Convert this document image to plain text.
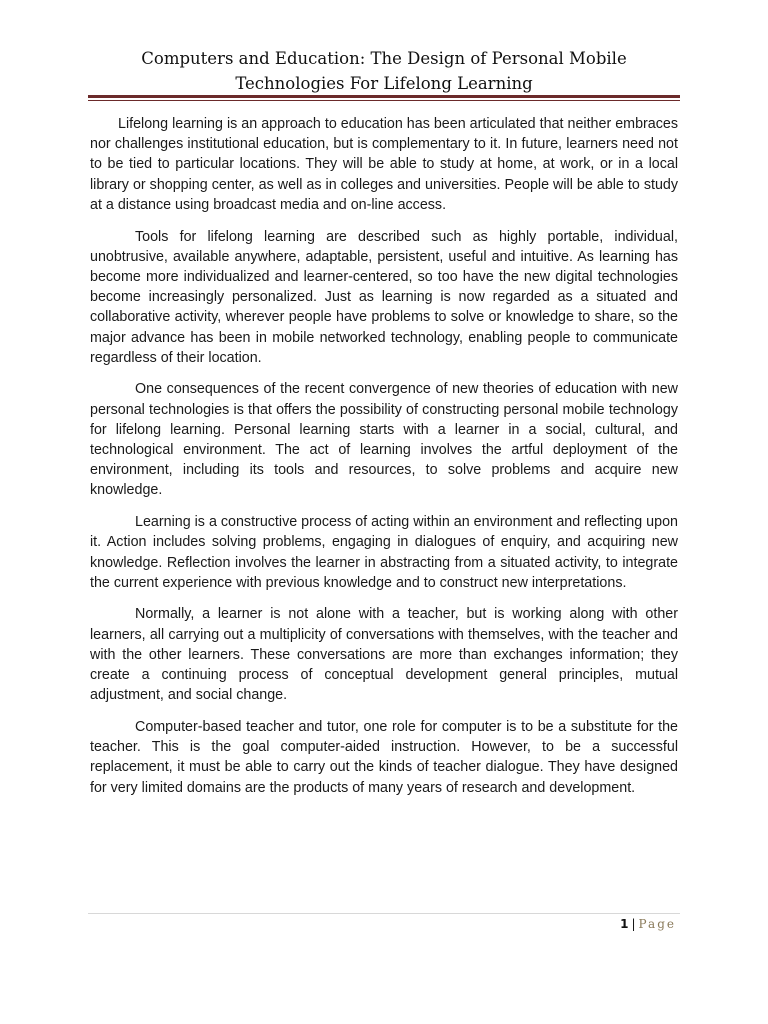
Computers and Education: The Design of Personal Mobile
Technologies For Lifelong Learning

Lifelong learning is an approach to education has been articulated that neither embraces nor challenges institutional education, but is complementary to it. In future, learners need not to be tied to particular locations. They will be able to study at home, at work, or in a local library or shopping center, as well as in colleges and universities. People will be able to study at a distance using broadcast media and on-line access.

Tools for lifelong learning are described such as highly portable, individual, unobtrusive, available anywhere, adaptable, persistent, useful and intuitive. As learning has become more individualized and learner-centered, so too have the new digital technologies become increasingly personalized. Just as learning is now regarded as a situated and collaborative activity, wherever people have problems to solve or knowledge to share, so the major advance has been in mobile networked technology, enabling people to communicate regardless of their location.

One consequences of the recent convergence of new theories of education with new personal technologies is that offers the possibility of constructing personal mobile technology for lifelong learning. Personal learning starts with a learner in a social, cultural, and technological environment. The act of learning involves the artful deployment of the environment, including its tools and resources, to solve problems and acquire new knowledge.

Learning is a constructive process of acting within an environment and reflecting upon it. Action includes solving problems, engaging in dialogues of enquiry, and acquiring new knowledge. Reflection involves the learner in abstracting from a situated activity, to integrate the current experience with previous knowledge and to construct new interpretations.

Normally, a learner is not alone with a teacher, but is working along with other learners, all carrying out a multiplicity of conversations with themselves, with the teacher and with the other learners. These conversations are more than exchanges information; they create a continuing process of conceptual development general principles, mutual adjustment, and social change.

Computer-based teacher and tutor, one role for computer is to be a substitute for the teacher. This is the goal computer-aided instruction. However, to be a successful replacement, it must be able to carry out the kinds of teacher dialogue. They have designed for very limited domains are the products of many years of research and development.

1 | Page
